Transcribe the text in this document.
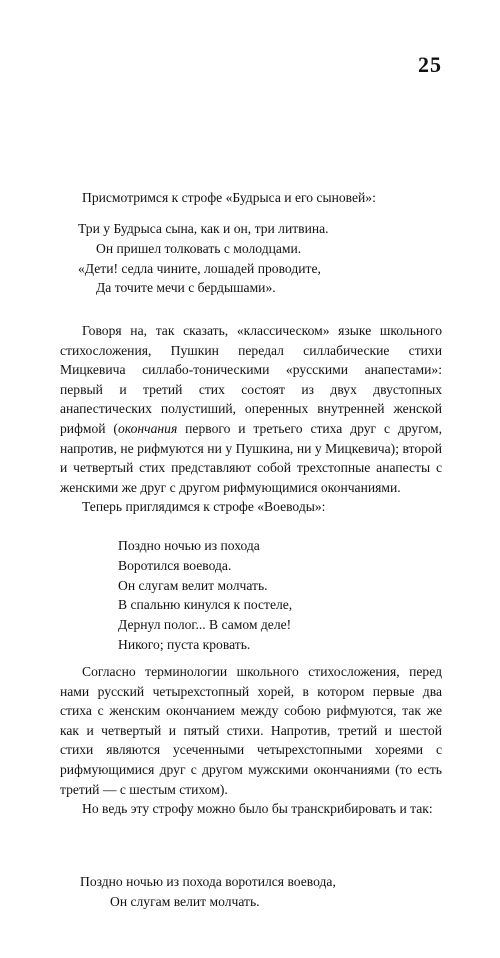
25

Присмотримся к строфе «Будрыса и его сыновей»:

Три у Будрыса сына, как и он, три литвина.
Он пришел толковать с молодцами.
«Дети! седла чините, лошадей проводите,
Да точите мечи с бердышами».

Говоря на, так сказать, «классическом» языке школьного стихосложения, Пушкин передал силлабические стихи Мицкевича силлабо-тоническими «русскими анапестами»: первый и третий стих состоят из двух двустопных анапестических полустиший, оперенных внутренней женской рифмой (окончания первого и третьего стиха друг с другом, напротив, не рифмуются ни у Пушкина, ни у Мицкевича); второй и четвертый стих представляют собой трехстопные анапесты с женскими же друг с другом рифмующимися окончаниями.

Теперь приглядимся к строфе «Воеводы»:

Поздно ночью из похода
Воротился воевода.
Он слугам велит молчать.
В спальню кинулся к постеле,
Дернул полог... В самом деле!
Никого; пуста кровать.

Согласно терминологии школьного стихосложения, перед нами русский четырехстопный хорей, в котором первые два стиха с женским окончанием между собою рифмуются, так же как и четвертый и пятый стихи. Напротив, третий и шестой стихи являются усеченными четырехстопными хореями с рифмующимися друг с другом мужскими окончаниями (то есть третий — с шестым стихом).

Но ведь эту строфу можно было бы транскрибировать и так:

Поздно ночью из похода воротился воевода,
Он слугам велит молчать.
